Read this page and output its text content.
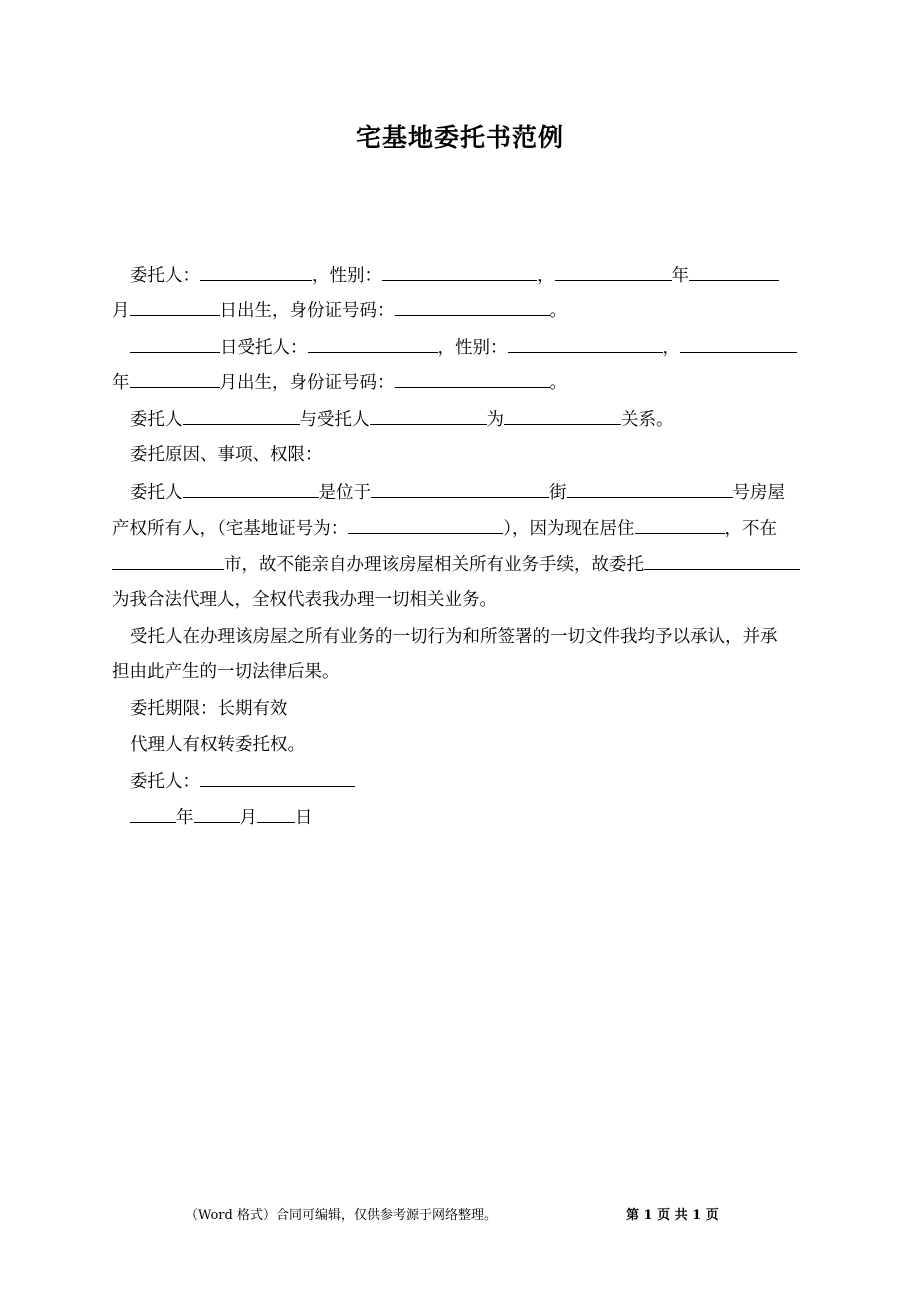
宅基地委托书范例
委托人：	，性别：	，	年
月	日出生，身份证号码：	。
日受托人：	，性别：	，
年	月出生，身份证号码：	。
委托人	与受托人	为	关系。
委托原因、事项、权限：
委托人	是位于	街	号房屋
产权所有人，（宅基地证号为：	），因为现在居住	，不在
市，故不能亲自办理该房屋相关所有业务手续，故委托
为我合法代理人，全权代表我办理一切相关业务。
受托人在办理该房屋之所有业务的一切行为和所签署的一切文件我均予以承认，并承
担由此产生的一切法律后果。
委托期限：长期有效
代理人有权转委托权。
委托人：
年	月 日
（Word 格式）合同可编辑，仅供参考源于网络整理。	第 1 页 共 1 页
